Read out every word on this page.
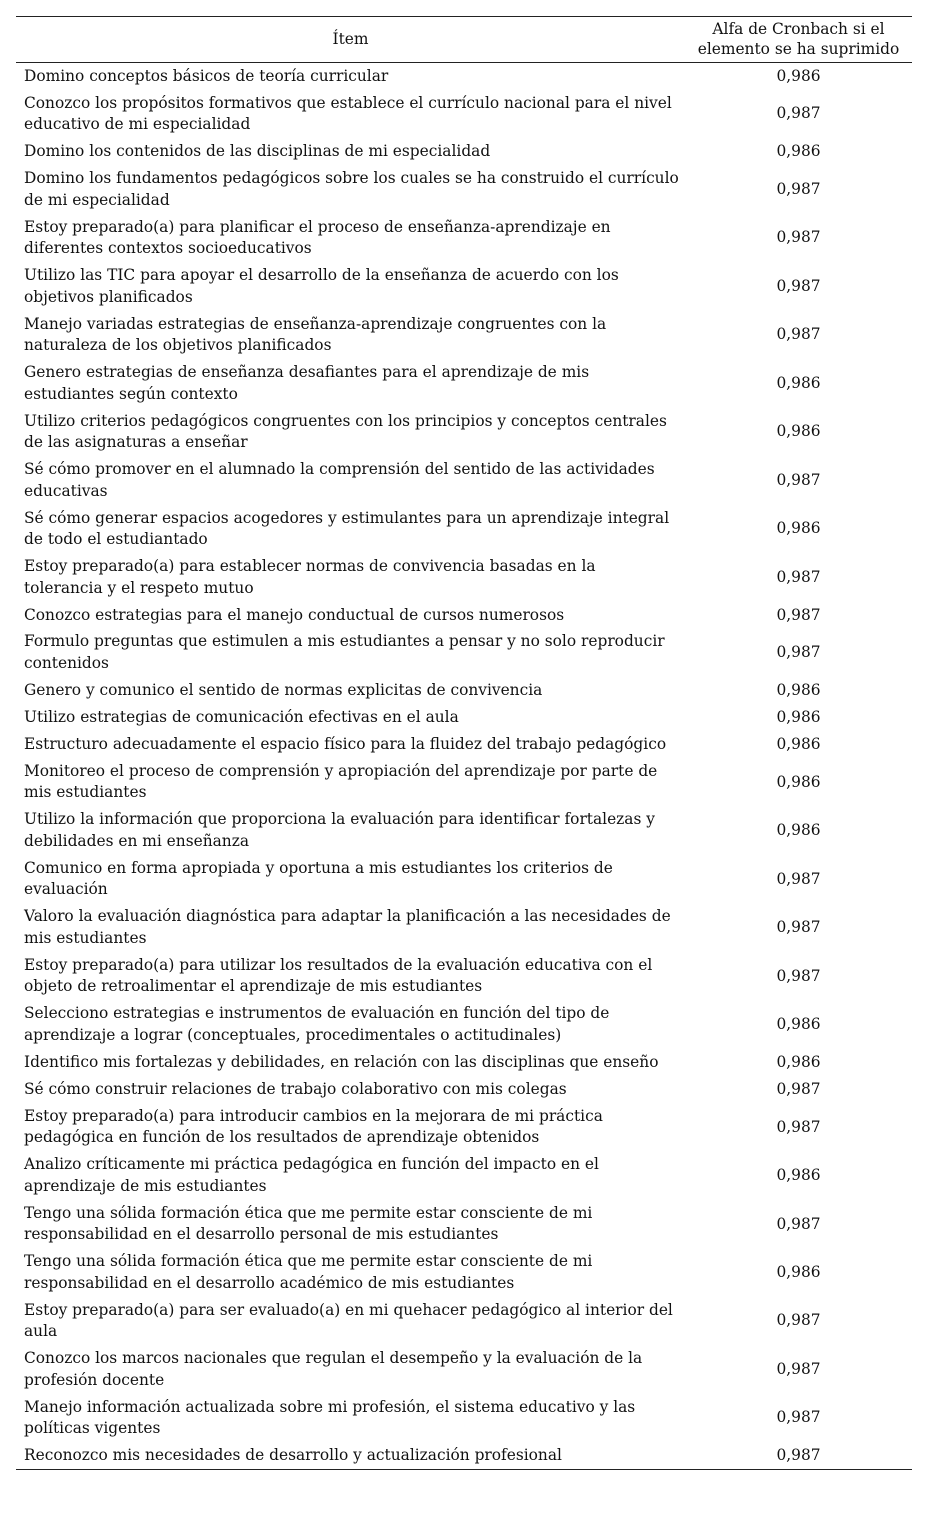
Ítem	Alfa de Cronbach si el
elemento se ha suprimido
Domino conceptos básicos de teoría curricular	0,986
Conozco los propósitos formativos que establece el currículo nacional para el nivel educativo de mi especialidad	0,987
Domino los contenidos de las disciplinas de mi especialidad	0,986
Domino los fundamentos pedagógicos sobre los cuales se ha construido el currículo de mi especialidad	0,987
Estoy preparado(a) para planificar el proceso de enseñanza-aprendizaje en diferentes contextos socioeducativos	0,987
Utilizo las TIC para apoyar el desarrollo de la enseñanza de acuerdo con los objetivos planificados	0,987
Manejo variadas estrategias de enseñanza-aprendizaje congruentes con la naturaleza de los objetivos planificados	0,987
Genero estrategias de enseñanza desafiantes para el aprendizaje de mis estudiantes según contexto	0,986
Utilizo criterios pedagógicos congruentes con los principios y conceptos centrales de las asignaturas a enseñar	0,986
Sé cómo promover en el alumnado la comprensión del sentido de las actividades educativas	0,987
Sé cómo generar espacios acogedores y estimulantes para un aprendizaje integral de todo el estudiantado	0,986
Estoy preparado(a) para establecer normas de convivencia basadas en la tolerancia y el respeto mutuo	0,987
Conozco estrategias para el manejo conductual de cursos numerosos	0,987
Formulo preguntas que estimulen a mis estudiantes a pensar y no solo reproducir contenidos	0,987
Genero y comunico el sentido de normas explicitas de convivencia	0,986
Utilizo estrategias de comunicación efectivas en el aula	0,986
Estructuro adecuadamente el espacio físico para la fluidez del trabajo pedagógico	0,986
Monitoreo el proceso de comprensión y apropiación del aprendizaje por parte de mis estudiantes	0,986
Utilizo la información que proporciona la evaluación para identificar fortalezas y debilidades en mi enseñanza	0,986
Comunico en forma apropiada y oportuna a mis estudiantes los criterios de evaluación	0,987
Valoro la evaluación diagnóstica para adaptar la planificación a las necesidades de mis estudiantes	0,987
Estoy preparado(a) para utilizar los resultados de la evaluación educativa con el objeto de retroalimentar el aprendizaje de mis estudiantes	0,987
Selecciono estrategias e instrumentos de evaluación en función del tipo de aprendizaje a lograr (conceptuales, procedimentales o actitudinales)	0,986
Identifico mis fortalezas y debilidades, en relación con las disciplinas que enseño	0,986
Sé cómo construir relaciones de trabajo colaborativo con mis colegas	0,987
Estoy preparado(a) para introducir cambios en la mejorara de mi práctica pedagógica en función de los resultados de aprendizaje obtenidos	0,987
Analizo críticamente mi práctica pedagógica en función del impacto en el aprendizaje de mis estudiantes	0,986
Tengo una sólida formación ética que me permite estar consciente de mi responsabilidad en el desarrollo personal de mis estudiantes	0,987
Tengo una sólida formación ética que me permite estar consciente de mi responsabilidad en el desarrollo académico de mis estudiantes	0,986
Estoy preparado(a) para ser evaluado(a) en mi quehacer pedagógico al interior del aula	0,987
Conozco los marcos nacionales que regulan el desempeño y la evaluación de la profesión docente	0,987
Manejo información actualizada sobre mi profesión, el sistema educativo y las políticas vigentes	0,987
Reconozco mis necesidades de desarrollo y actualización profesional	0,987
